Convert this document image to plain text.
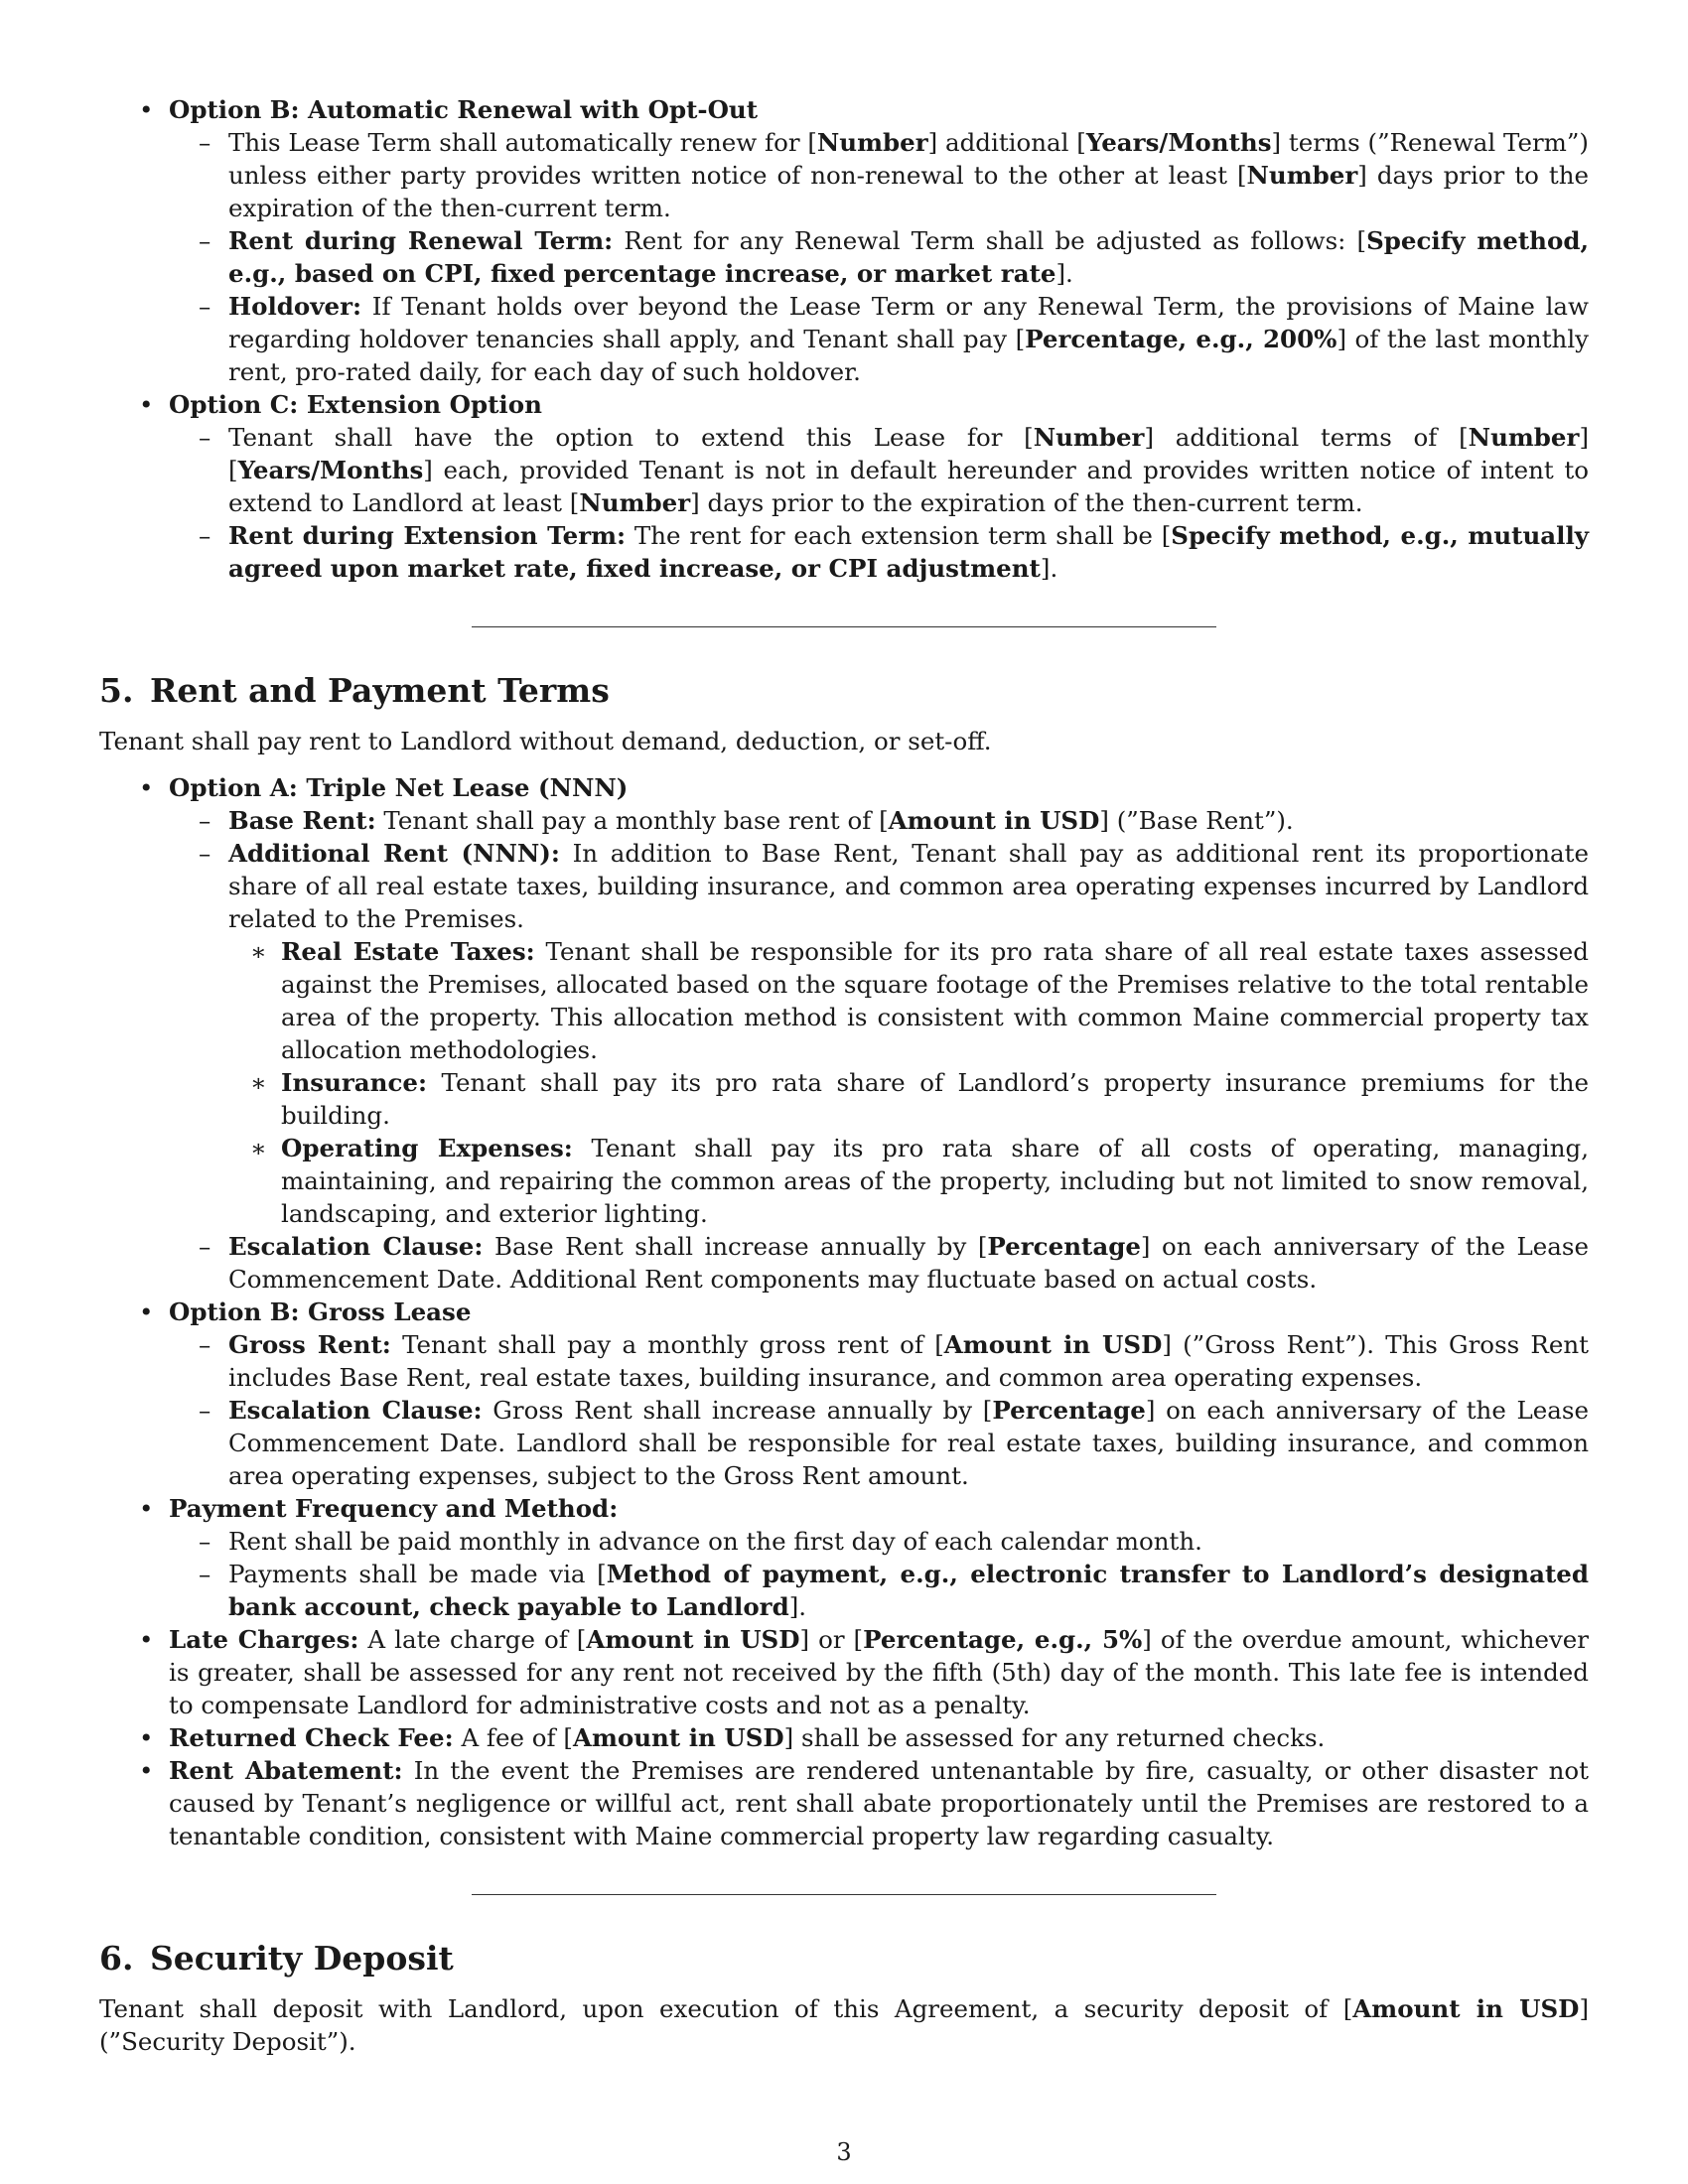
• Option B: Automatic Renewal with Opt-Out
– This Lease Term shall automatically renew for [Number] additional [Years/Months] terms (”Renewal Term”) unless either party provides written notice of non-renewal to the other at least [Number] days prior to the expiration of the then-current term.
– Rent during Renewal Term: Rent for any Renewal Term shall be adjusted as follows: [Specify method, e.g., based on CPI, fixed percentage increase, or market rate].
– Holdover: If Tenant holds over beyond the Lease Term or any Renewal Term, the provisions of Maine law regarding holdover tenancies shall apply, and Tenant shall pay [Percentage, e.g., 200%] of the last monthly rent, pro-rated daily, for each day of such holdover.
• Option C: Extension Option
– Tenant shall have the option to extend this Lease for [Number] additional terms of [Number] [Years/Months] each, provided Tenant is not in default hereunder and provides written notice of intent to extend to Landlord at least [Number] days prior to the expiration of the then-current term.
– Rent during Extension Term: The rent for each extension term shall be [Specify method, e.g., mutually agreed upon market rate, fixed increase, or CPI adjustment].
5. Rent and Payment Terms
Tenant shall pay rent to Landlord without demand, deduction, or set-off.
• Option A: Triple Net Lease (NNN)
– Base Rent: Tenant shall pay a monthly base rent of [Amount in USD] (”Base Rent”).
– Additional Rent (NNN): In addition to Base Rent, Tenant shall pay as additional rent its proportionate share of all real estate taxes, building insurance, and common area operating expenses incurred by Landlord related to the Premises.
∗ Real Estate Taxes: Tenant shall be responsible for its pro rata share of all real estate taxes assessed against the Premises, allocated based on the square footage of the Premises relative to the total rentable area of the property. This allocation method is consistent with common Maine commercial property tax allocation methodologies.
∗ Insurance: Tenant shall pay its pro rata share of Landlord’s property insurance premiums for the building.
∗ Operating Expenses: Tenant shall pay its pro rata share of all costs of operating, managing, maintaining, and repairing the common areas of the property, including but not limited to snow removal, landscaping, and exterior lighting.
– Escalation Clause: Base Rent shall increase annually by [Percentage] on each anniversary of the Lease Commencement Date. Additional Rent components may fluctuate based on actual costs.
• Option B: Gross Lease
– Gross Rent: Tenant shall pay a monthly gross rent of [Amount in USD] (”Gross Rent”). This Gross Rent includes Base Rent, real estate taxes, building insurance, and common area operating expenses.
– Escalation Clause: Gross Rent shall increase annually by [Percentage] on each anniversary of the Lease Commencement Date. Landlord shall be responsible for real estate taxes, building insurance, and common area operating expenses, subject to the Gross Rent amount.
• Payment Frequency and Method:
– Rent shall be paid monthly in advance on the first day of each calendar month.
– Payments shall be made via [Method of payment, e.g., electronic transfer to Landlord’s designated bank account, check payable to Landlord].
• Late Charges: A late charge of [Amount in USD] or [Percentage, e.g., 5%] of the overdue amount, whichever is greater, shall be assessed for any rent not received by the fifth (5th) day of the month. This late fee is intended to compensate Landlord for administrative costs and not as a penalty.
• Returned Check Fee: A fee of [Amount in USD] shall be assessed for any returned checks.
• Rent Abatement: In the event the Premises are rendered untenantable by fire, casualty, or other disaster not caused by Tenant’s negligence or willful act, rent shall abate proportionately until the Premises are restored to a tenantable condition, consistent with Maine commercial property law regarding casualty.
6. Security Deposit
Tenant shall deposit with Landlord, upon execution of this Agreement, a security deposit of [Amount in USD] (”Security Deposit”).
3
